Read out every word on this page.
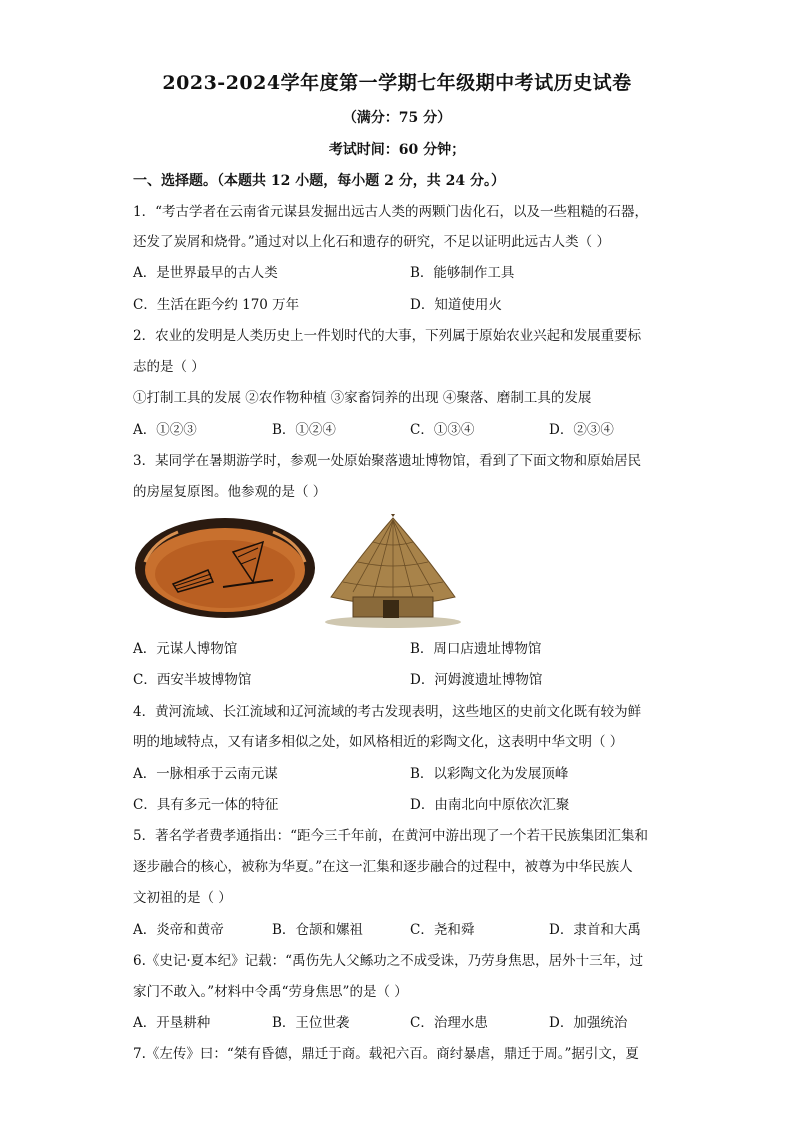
2023-2024学年度第一学期七年级期中考试历史试卷
（满分：75 分）
考试时间：60 分钟；
一、选择题。（本题共 12 小题，每小题 2 分，共 24 分。）
1．“考古学者在云南省元谋县发掘出远古人类的两颗门齿化石，以及一些粗糙的石器，
还发了炭屑和烧骨。”通过对以上化石和遗存的研究，不足以证明此远古人类（ ）
A．是世界最早的古人类	B．能够制作工具
C．生活在距今约 170 万年	D．知道使用火
2．农业的发明是人类历史上一件划时代的大事，下列属于原始农业兴起和发展重要标
志的是（ ）
①打制工具的发展 ②农作物种植 ③家畜饲养的出现 ④聚落、磨制工具的发展
A．①②③	B．①②④	C．①③④	D．②③④
3．某同学在暑期游学时，参观一处原始聚落遗址博物馆，看到了下面文物和原始居民
的房屋复原图。他参观的是（ ）
A．元谋人博物馆	B．周口店遗址博物馆
C．西安半坡博物馆	D．河姆渡遗址博物馆
4．黄河流域、长江流域和辽河流域的考古发现表明，这些地区的史前文化既有较为鲜
明的地域特点，又有诸多相似之处，如风格相近的彩陶文化，这表明中华文明（ ）
A．一脉相承于云南元谋	B．以彩陶文化为发展顶峰
C．具有多元一体的特征	D．由南北向中原依次汇聚
5．著名学者费孝通指出：“距今三千年前，在黄河中游出现了一个若干民族集团汇集和
逐步融合的核心，被称为华夏。”在这一汇集和逐步融合的过程中，被尊为中华民族人
文初祖的是（ ）
A．炎帝和黄帝	B．仓颉和嫘祖	C．尧和舜	D．隶首和大禹
6.《史记·夏本纪》记载：“禹伤先人父鲧功之不成受诛，乃劳身焦思，居外十三年，过
家门不敢入。”材料中令禹“劳身焦思”的是（ ）
A．开垦耕种	B．王位世袭	C．治理水患	D．加强统治
7.《左传》曰：“桀有昏德，鼎迁于商。载祀六百。商纣暴虐，鼎迁于周。”据引文，夏
